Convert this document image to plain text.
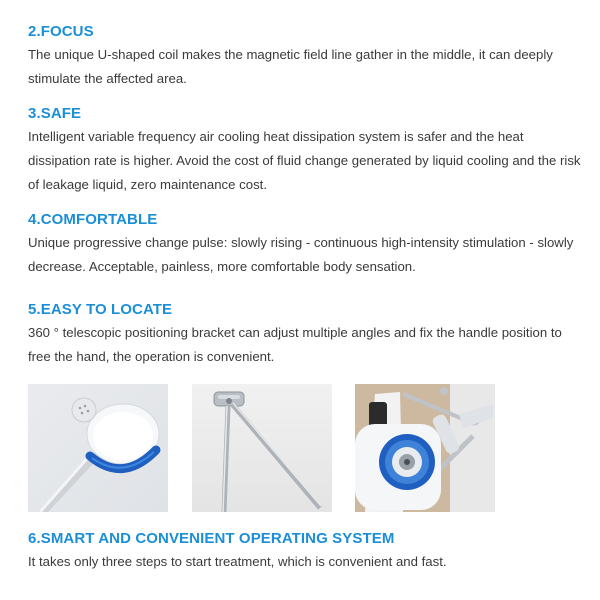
2.FOCUS

The unique U-shaped coil makes the magnetic field line gather in the middle, it can deeply stimulate the affected area.

3.SAFE

Intelligent variable frequency air cooling heat dissipation system is safer and the heat dissipation rate is higher. Avoid the cost of fluid change generated by liquid cooling and the risk of leakage liquid, zero maintenance cost.

4.COMFORTABLE

Unique progressive change pulse: slowly rising - continuous high-intensity stimulation - slowly decrease. Acceptable, painless, more comfortable body sensation.

5.EASY TO LOCATE

360 ° telescopic positioning bracket can adjust multiple angles and fix the handle position to free the hand, the operation is convenient.

6.SMART AND CONVENIENT OPERATING SYSTEM

It takes only three steps to start treatment, which is convenient and fast.
